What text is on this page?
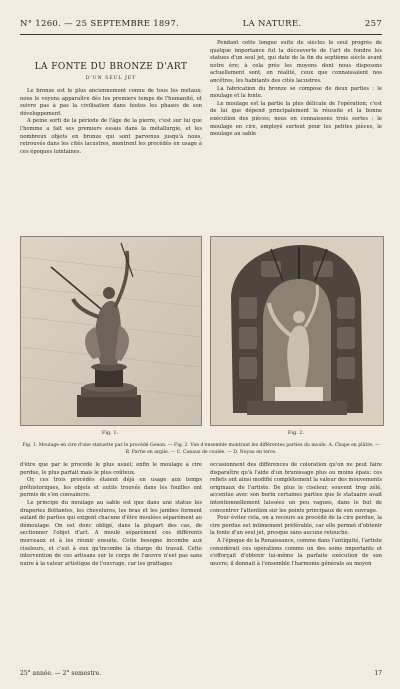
N° 1260. — 25 SEPTEMBRE 1897.	LA NATURE.	257
LA FONTE DU BRONZE D'ART
D'UN SEUL JET

Le bronze est le plus anciennement connu de tous les métaux; nous le voyons apparaître dès les premiers temps de l'humanité, et suivre pas à pas la civilisation dans toutes les phases de son développement.

A peine sorti de la période de l'âge de la pierre, c'est sur lui que l'homme a fait ses premiers essais dans la métallurgie, et les nombreux objets en bronze qui sont parvenus jusqu'à nous, retrouvés dans les cités lacustres, montrent les procédés en usage à ces époques lointaines.

Pendant cette longue suite de siècles le seul progrès de quelque importance fut la découverte de l'art de fondre les statues d'un seul jet, qui date de la fin du septième siècle avant notre ère; à cela près les moyens dont nous disposons actuellement sont, en réalité, ceux que connaissaient nos ancêtres, les habitants des cités lacustres.

La fabrication du bronze se compose de deux parties : le moulage et la fonte.

Le moulage est la partie la plus délicate de l'opération; c'est de lui que dépend principalement la réussite et la bonne exécution des pièces; nous en connaissons trois sortes : le moulage en cire, employé surtout pour les petites pièces, le moulage au sable

Fig. 1.	Fig. 2.
Fig. 1. Moulage en cire d'une statuette par le procédé Gonon. — Fig. 2. Vue d'ensemble montrant les différentes parties du moule. A. Chape en plâtre. — B. Partie en argile. — C. Canaux de coulée. — D. Noyau en terre.

d'être que par le procédé le plus usuel; enfin le moulage à cire perdue, le plus parfait mais le plus coûteux.

Or, ces trois procédés étaient déjà en usage aux temps préhistoriques, les objets et outils trouvés dans les fouilles ont permis de s'en convaincre.

Le principe du moulage au sable est que dans une statue les draperies flottantes, les chevelures, les bras et les jambes forment autant de parties qui exigent chacune d'être moulées séparément au démoulage. On est donc obligé, dans la plupart des cas, de sectionner l'objet d'art. A moulé séparément ces différents morceaux et à les réunir ensuite. Cette besogne incombe aux ciseleurs, et c'est à eux qu'incombe la charge du travail. Cette intervention de ces artisans sur le corps de l'œuvre n'est pas sans nuire à la valeur artistique de l'ouvrage, car les grattages

occasionnent des différences de coloration qu'on ne peut faire disparaître qu'à l'aide d'un brunissage plus ou moins épais; ces reflets ont ainsi modifié complètement la valeur des mouvements originaux de l'artiste. De plus le ciseleur, souvent trop zélé, accentue avec son burin certaines parties que le statuaire avait intentionnellement laissées un peu vagues, dans le but de concentrer l'attention sur les points principaux de son ouvrage.

Pour éviter cela, on a recours au procédé de la cire perdue, la cire perdue est intimement préférable, car elle permet d'obtenir la fonte d'un seul jet, presque sans aucune retouche.

A l'époque de la Renaissance, comme dans l'antiquité, l'artiste considérait ces opérations comme un des soins importants et s'efforçait d'obtenir lui-même la parfaite exécution de son œuvre; il donnait à l'ensemble l'harmonie générale au moyen

25° année. — 2° semestre.	17
